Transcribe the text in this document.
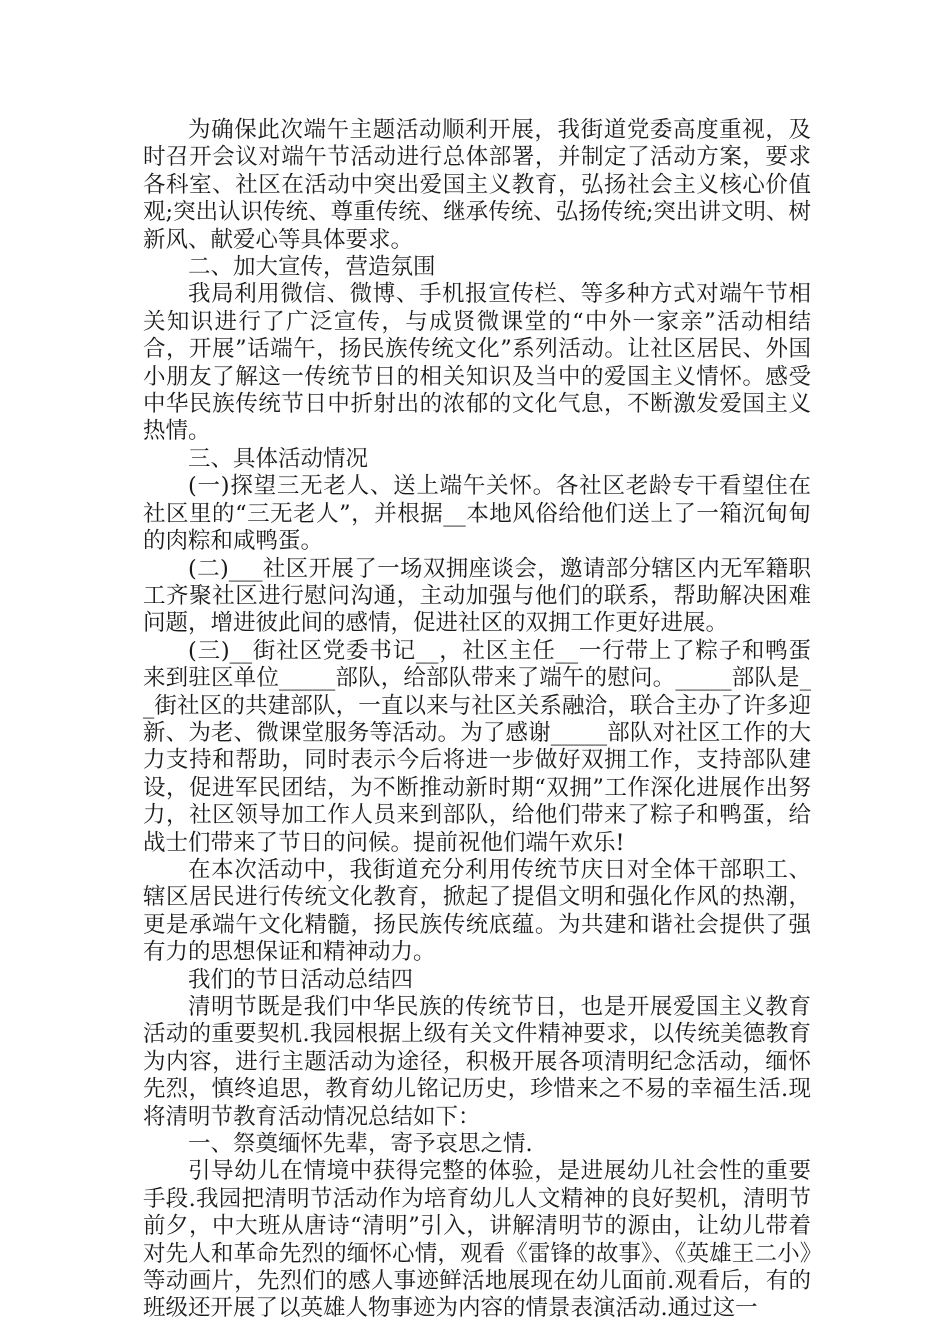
为确保此次端午主题活动顺利开展，我街道党委高度重视，及时召开会议对端午节活动进行总体部署，并制定了活动方案，要求各科室、社区在活动中突出爱国主义教育，弘扬社会主义核心价值观;突出认识传统、尊重传统、继承传统、弘扬传统;突出讲文明、树新风、献爱心等具体要求。

二、加大宣传，营造氛围

我局利用微信、微博、手机报宣传栏、等多种方式对端午节相关知识进行了广泛宣传，与成贤微课堂的“中外一家亲”活动相结合，开展”话端午，扬民族传统文化”系列活动。让社区居民、外国小朋友了解这一传统节日的相关知识及当中的爱国主义情怀。感受中华民族传统节日中折射出的浓郁的文化气息，不断激发爱国主义热情。

三、具体活动情况

(一)探望三无老人、送上端午关怀。各社区老龄专干看望住在社区里的“三无老人”，并根据__本地风俗给他们送上了一箱沉甸甸的肉粽和咸鸭蛋。

(二)___社区开展了一场双拥座谈会，邀请部分辖区内无军籍职工齐聚社区进行慰问沟通，主动加强与他们的联系，帮助解决困难问题，增进彼此间的感情，促进社区的双拥工作更好进展。

(三)__街社区党委书记__，社区主任__一行带上了粽子和鸭蛋来到驻区单位_____部队，给部队带来了端午的慰问。_____部队是__街社区的共建部队，一直以来与社区关系融洽，联合主办了许多迎新、为老、微课堂服务等活动。为了感谢_____部队对社区工作的大力支持和帮助，同时表示今后将进一步做好双拥工作，支持部队建设，促进军民团结，为不断推动新时期“双拥”工作深化进展作出努力，社区领导加工作人员来到部队，给他们带来了粽子和鸭蛋，给战士们带来了节日的问候。提前祝他们端午欢乐!

在本次活动中，我街道充分利用传统节庆日对全体干部职工、辖区居民进行传统文化教育，掀起了提倡文明和强化作风的热潮，更是承端午文化精髓，扬民族传统底蕴。为共建和谐社会提供了强有力的思想保证和精神动力。

我们的节日活动总结四

清明节既是我们中华民族的传统节日，也是开展爱国主义教育活动的重要契机.我园根据上级有关文件精神要求，以传统美德教育为内容，进行主题活动为途径，积极开展各项清明纪念活动，缅怀先烈，慎终追思，教育幼儿铭记历史，珍惜来之不易的幸福生活.现将清明节教育活动情况总结如下：

一、祭奠缅怀先辈，寄予哀思之情.

引导幼儿在情境中获得完整的体验，是进展幼儿社会性的重要手段.我园把清明节活动作为培育幼儿人文精神的良好契机，清明节前夕，中大班从唐诗“清明”引入，讲解清明节的源由，让幼儿带着对先人和革命先烈的缅怀心情，观看《雷锋的故事》、《英雄王二小》等动画片，先烈们的感人事迹鲜活地展现在幼儿面前.观看后，有的班级还开展了以英雄人物事迹为内容的情景表演活动.通过这一
